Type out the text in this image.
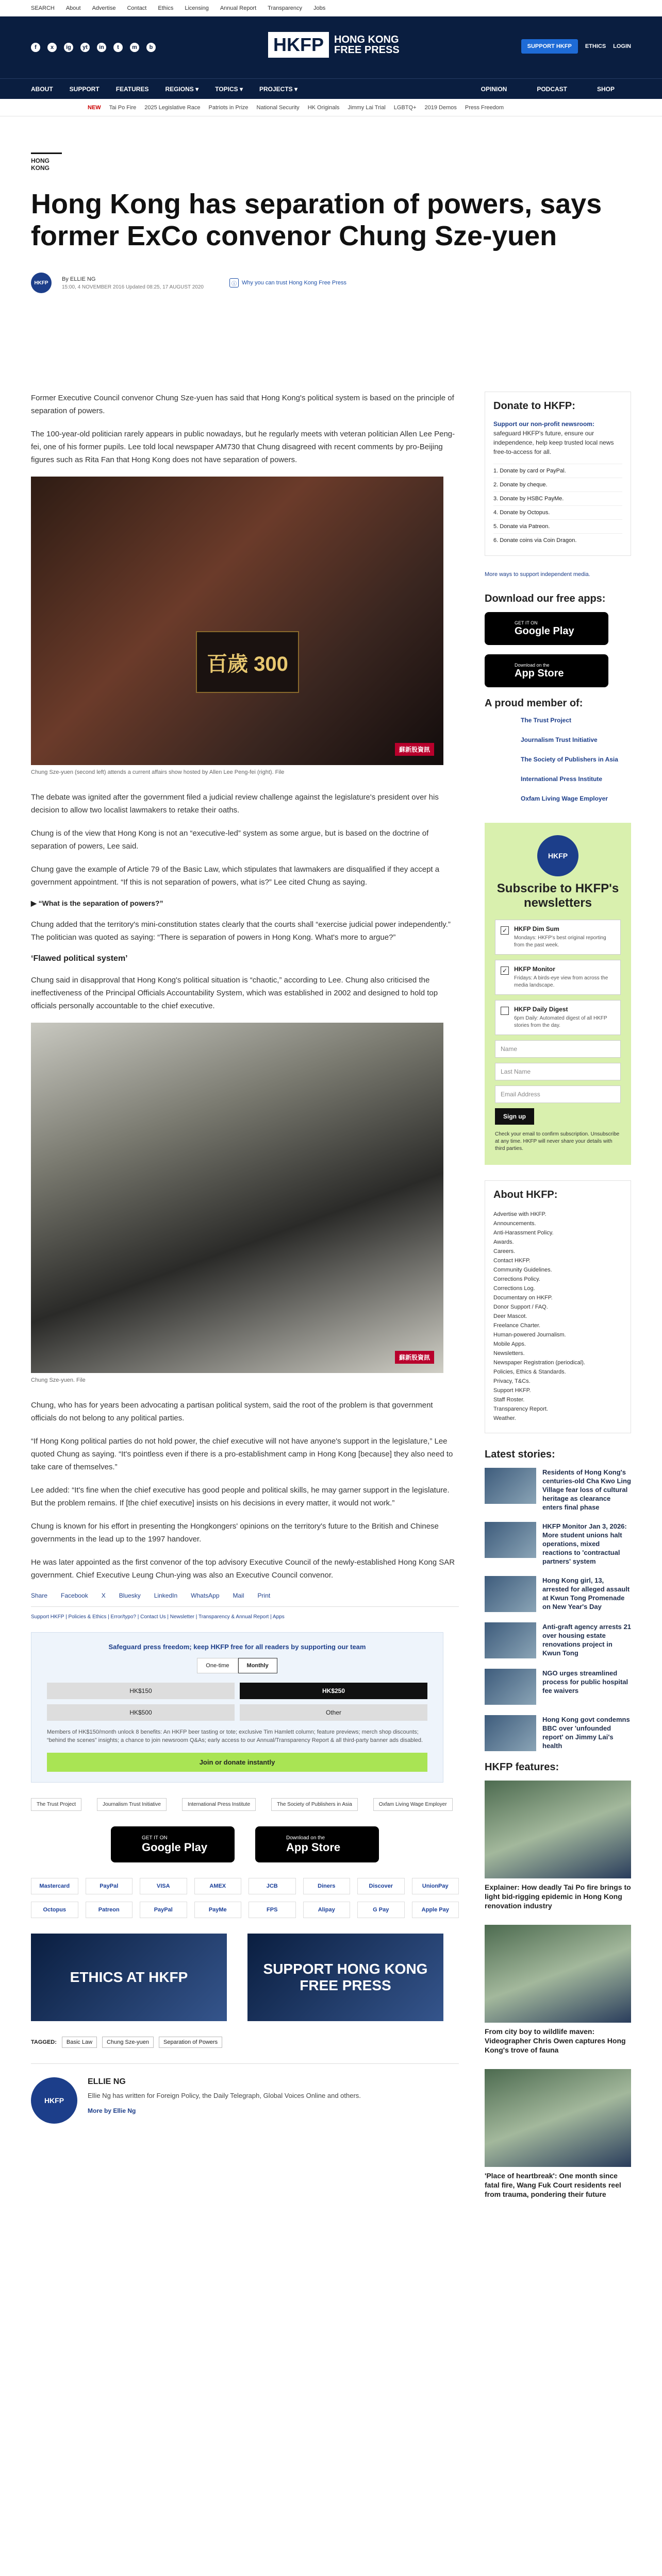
SEARCH About Advertise Contact Ethics Licensing Annual Report Transparency Jobs
f	x	ig	yt	in	t	m	b	HKFP	HONG KONG
FREE PRESS	SUPPORT HKFP	ETHICS LOGIN
ABOUT	SUPPORT	FEATURES	REGIONS ▾	TOPICS ▾	PROJECTS ▾	OPINION	PODCAST	SHOP
NEW Tai Po Fire 2025 Legislative Race Patriots in Prize National Security HK Originals Jimmy Lai Trial LGBTQ+ 2019 Demos Press Freedom
HONG KONG
Hong Kong has separation of powers, says former ExCo convenor Chung Sze-yuen
HKFP
By ELLIE NG
15:00, 4 NOVEMBER 2016 Updated 08:25, 17 AUGUST 2020
ⓘ Why you can trust Hong Kong Free Press

Former Executive Council convenor Chung Sze-yuen has said that Hong Kong's political system is based on the principle of separation of powers.

The 100-year-old politician rarely appears in public nowadays, but he regularly meets with veteran politician Allen Lee Peng-fei, one of his former pupils. Lee told local newspaper AM730 that Chung disagreed with recent comments by pro-Beijing figures such as Rita Fan that Hong Kong does not have separation of powers.

百歲 300
蘇新股資訊
Chung Sze-yuen (second left) attends a current affairs show hosted by Allen Lee Peng-fei (right). File

The debate was ignited after the government filed a judicial review challenge against the legislature's president over his decision to allow two localist lawmakers to retake their oaths.

Chung is of the view that Hong Kong is not an “executive-led” system as some argue, but is based on the doctrine of separation of powers, Lee said.

Chung gave the example of Article 79 of the Basic Law, which stipulates that lawmakers are disqualified if they accept a government appointment. “If this is not separation of powers, what is?” Lee cited Chung as saying.

▶ “What is the separation of powers?”

Chung added that the territory's mini-constitution states clearly that the courts shall “exercise judicial power independently.” The politician was quoted as saying: “There is separation of powers in Hong Kong. What's more to argue?”

‘Flawed political system’

Chung said in disapproval that Hong Kong's political situation is “chaotic,” according to Lee. Chung also criticised the ineffectiveness of the Principal Officials Accountability System, which was established in 2002 and designed to hold top officials personally accountable to the chief executive.

蘇新股資訊
Chung Sze-yuen. File

Chung, who has for years been advocating a partisan political system, said the root of the problem is that government officials do not belong to any political parties.

“If Hong Kong political parties do not hold power, the chief executive will not have anyone's support in the legislature,” Lee quoted Chung as saying. “It's pointless even if there is a pro-establishment camp in Hong Kong [because] they also need to take care of themselves.”

Lee added: “It's fine when the chief executive has good people and political skills, he may garner support in the legislature. But the problem remains. If [the chief executive] insists on his decisions in every matter, it would not work.”

Chung is known for his effort in presenting the Hongkongers' opinions on the territory's future to the British and Chinese governments in the lead up to the 1997 handover.

He was later appointed as the first convenor of the top advisory Executive Council of the newly-established Hong Kong SAR government. Chief Executive Leung Chun-ying was also an Executive Council convenor.

Share Facebook X Bluesky LinkedIn WhatsApp Mail Print
Support HKFP | Policies & Ethics | Error/typo? | Contact Us | Newsletter | Transparency & Annual Report | Apps
Safeguard press freedom; keep HKFP free for all readers by supporting our team
One-time	Monthly
HK$150	HK$250
HK$500	Other
Members of HK$150/month unlock 8 benefits: An HKFP beer tasting or tote; exclusive Tim Hamlett column; feature previews; merch shop discounts; “behind the scenes” insights; a chance to join newsroom Q&As; early access to our Annual/Transparency Report & all third-party banner ads disabled.
Join or donate instantly
The Trust Project	Journalism Trust Initiative	International Press Institute	The Society of Publishers in Asia	Oxfam Living Wage Employer
GET IT ON
Google Play
Download on the
App Store
Mastercard	PayPal	VISA	AMEX	JCB	Diners	Discover	UnionPay
Octopus	Patreon	PayPal	PayMe	FPS	Alipay	G Pay	Apple Pay
ETHICS AT HKFP
SUPPORT HONG KONG FREE PRESS
TAGGED:	Basic Law	Chung Sze-yuen	Separation of Powers
HKFP
ELLIE NG
Ellie Ng has written for Foreign Policy, the Daily Telegraph, Global Voices Online and others.
More by Ellie Ng
Donate to HKFP:
Support our non-profit newsroom: safeguard HKFP's future, ensure our independence, help keep trusted local news free-to-access for all.
1. Donate by card or PayPal.
2. Donate by cheque.
3. Donate by HSBC PayMe.
4. Donate by Octopus.
5. Donate via Patreon.
6. Donate coins via Coin Dragon.
More ways to support independent media.
Download our free apps:
GET IT ON
Google Play
Download on the
App Store
A proud member of:
The Trust Project
Journalism Trust Initiative
The Society of Publishers in Asia
International Press Institute
Oxfam Living Wage Employer
HKFP
Subscribe to HKFP's newsletters
✓ HKFP Dim Sum
Mondays: HKFP's best original reporting from the past week.
✓ HKFP Monitor
Fridays: A birds-eye view from across the media landscape.
HKFP Daily Digest
6pm Daily: Automated digest of all HKFP stories from the day.
Name
Last Name
Email Address
Sign up
Check your email to confirm subscription. Unsubscribe at any time. HKFP will never share your details with third parties.
About HKFP:
Advertise with HKFP.
Announcements.
Anti-Harassment Policy.
Awards.
Careers.
Contact HKFP.
Community Guidelines.
Corrections Policy.
Corrections Log.
Documentary on HKFP.
Donor Support / FAQ.
Deer Mascot.
Freelance Charter.
Human-powered Journalism.
Mobile Apps.
Newsletters.
Newspaper Registration (periodical).
Policies, Ethics & Standards.
Privacy, T&Cs.
Support HKFP.
Staff Roster.
Transparency Report.
Weather.
Latest stories:
Residents of Hong Kong's centuries-old Cha Kwo Ling Village fear loss of cultural heritage as clearance enters final phase
HKFP Monitor Jan 3, 2026: More student unions halt operations, mixed reactions to 'contractual partners' system
Hong Kong girl, 13, arrested for alleged assault at Kwun Tong Promenade on New Year's Day
Anti-graft agency arrests 21 over housing estate renovations project in Kwun Tong
NGO urges streamlined process for public hospital fee waivers
Hong Kong govt condemns BBC over 'unfounded report' on Jimmy Lai's health
HKFP features:
Explainer: How deadly Tai Po fire brings to light bid-rigging epidemic in Hong Kong renovation industry
From city boy to wildlife maven: Videographer Chris Owen captures Hong Kong's trove of fauna
'Place of heartbreak': One month since fatal fire, Wang Fuk Court residents reel from trauma, pondering their future
